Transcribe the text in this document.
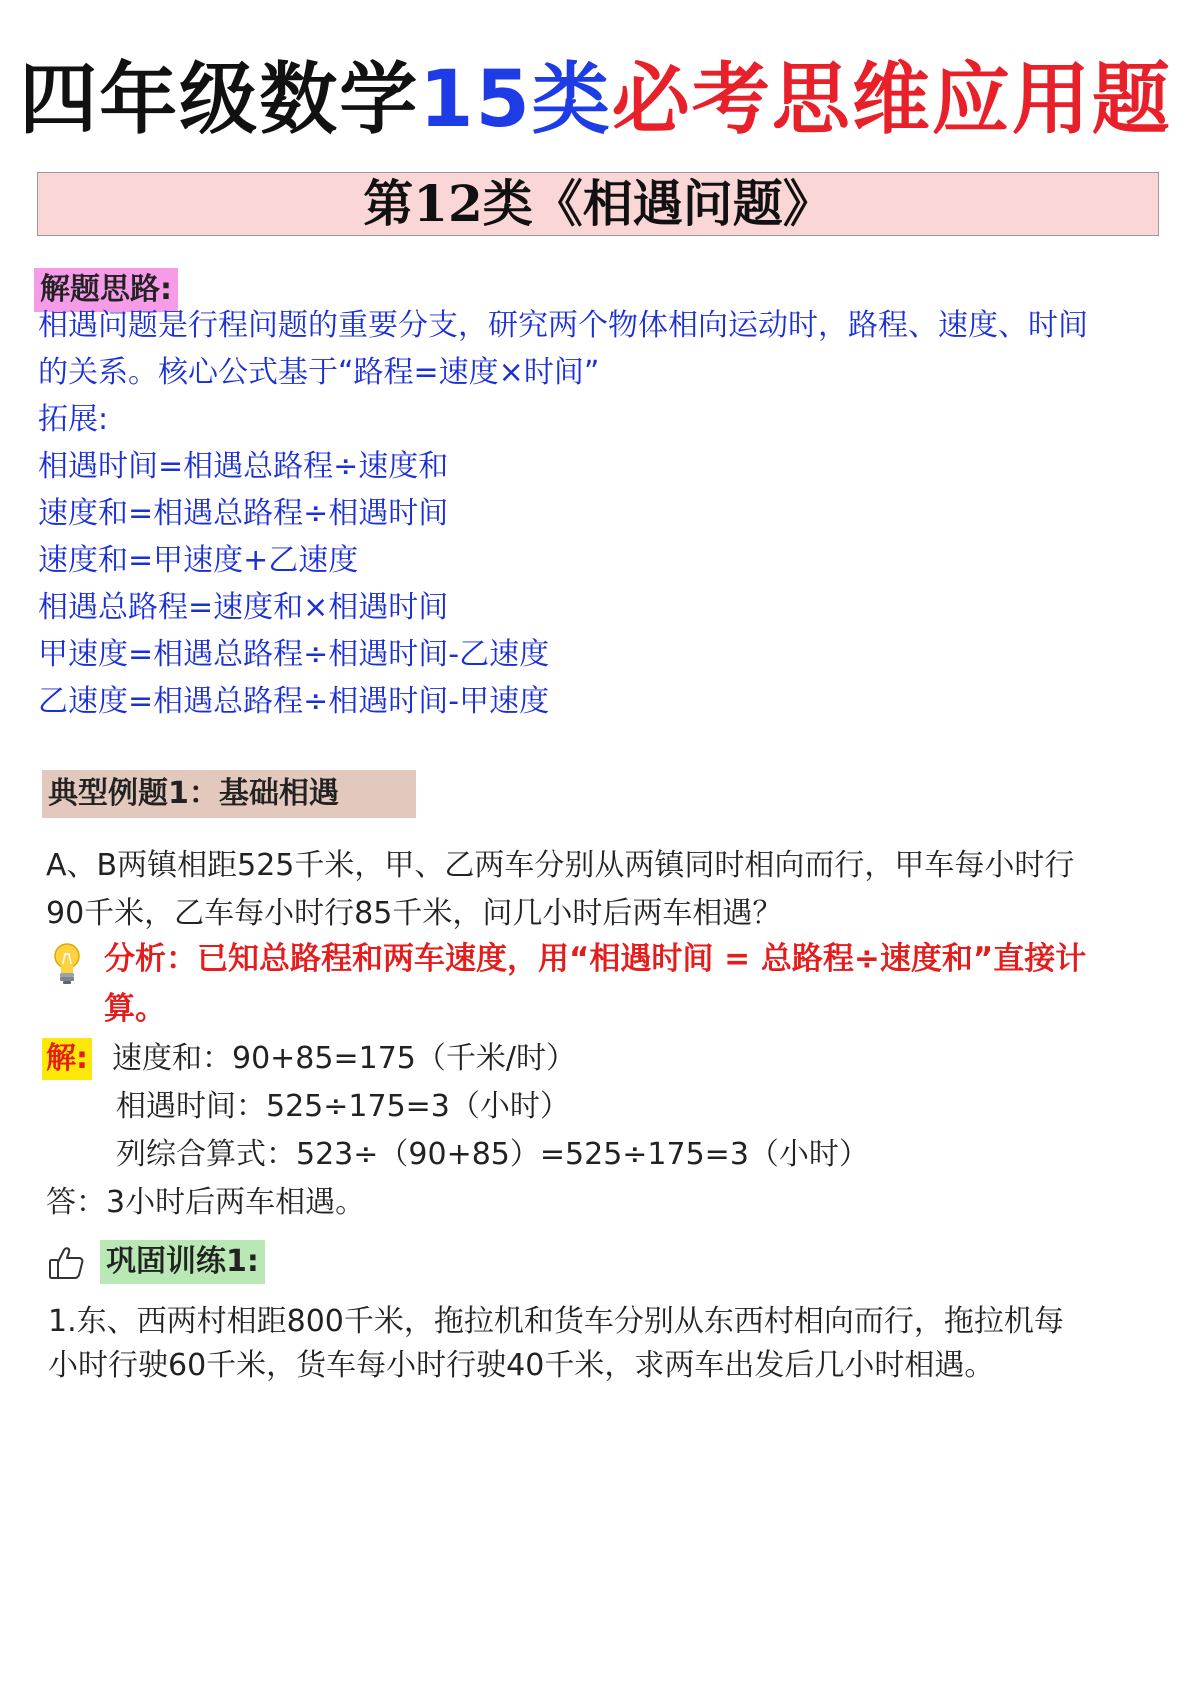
四年级数学15类必考思维应用题
第12类《相遇问题》
解题思路:
相遇问题是行程问题的重要分支，研究两个物体相向运动时，路程、速度、时间
的关系。核心公式基于“路程=速度×时间”
拓展:
相遇时间=相遇总路程÷速度和
速度和=相遇总路程÷相遇时间
速度和=甲速度+乙速度
相遇总路程=速度和×相遇时间
甲速度=相遇总路程÷相遇时间-乙速度
乙速度=相遇总路程÷相遇时间-甲速度
典型例题1：基础相遇
A、B两镇相距525千米，甲、乙两车分别从两镇同时相向而行，甲车每小时行
90千米，乙车每小时行85千米，问几小时后两车相遇？
分析：已知总路程和两车速度，用“相遇时间 = 总路程÷速度和”直接计
算。
解: 速度和：90+85=175（千米/时）
相遇时间：525÷175=3（小时）
列综合算式：523÷（90+85）=525÷175=3（小时）
答：3小时后两车相遇。
巩固训练1:
1.东、西两村相距800千米，拖拉机和货车分别从东西村相向而行，拖拉机每
小时行驶60千米，货车每小时行驶40千米，求两车出发后几小时相遇。
